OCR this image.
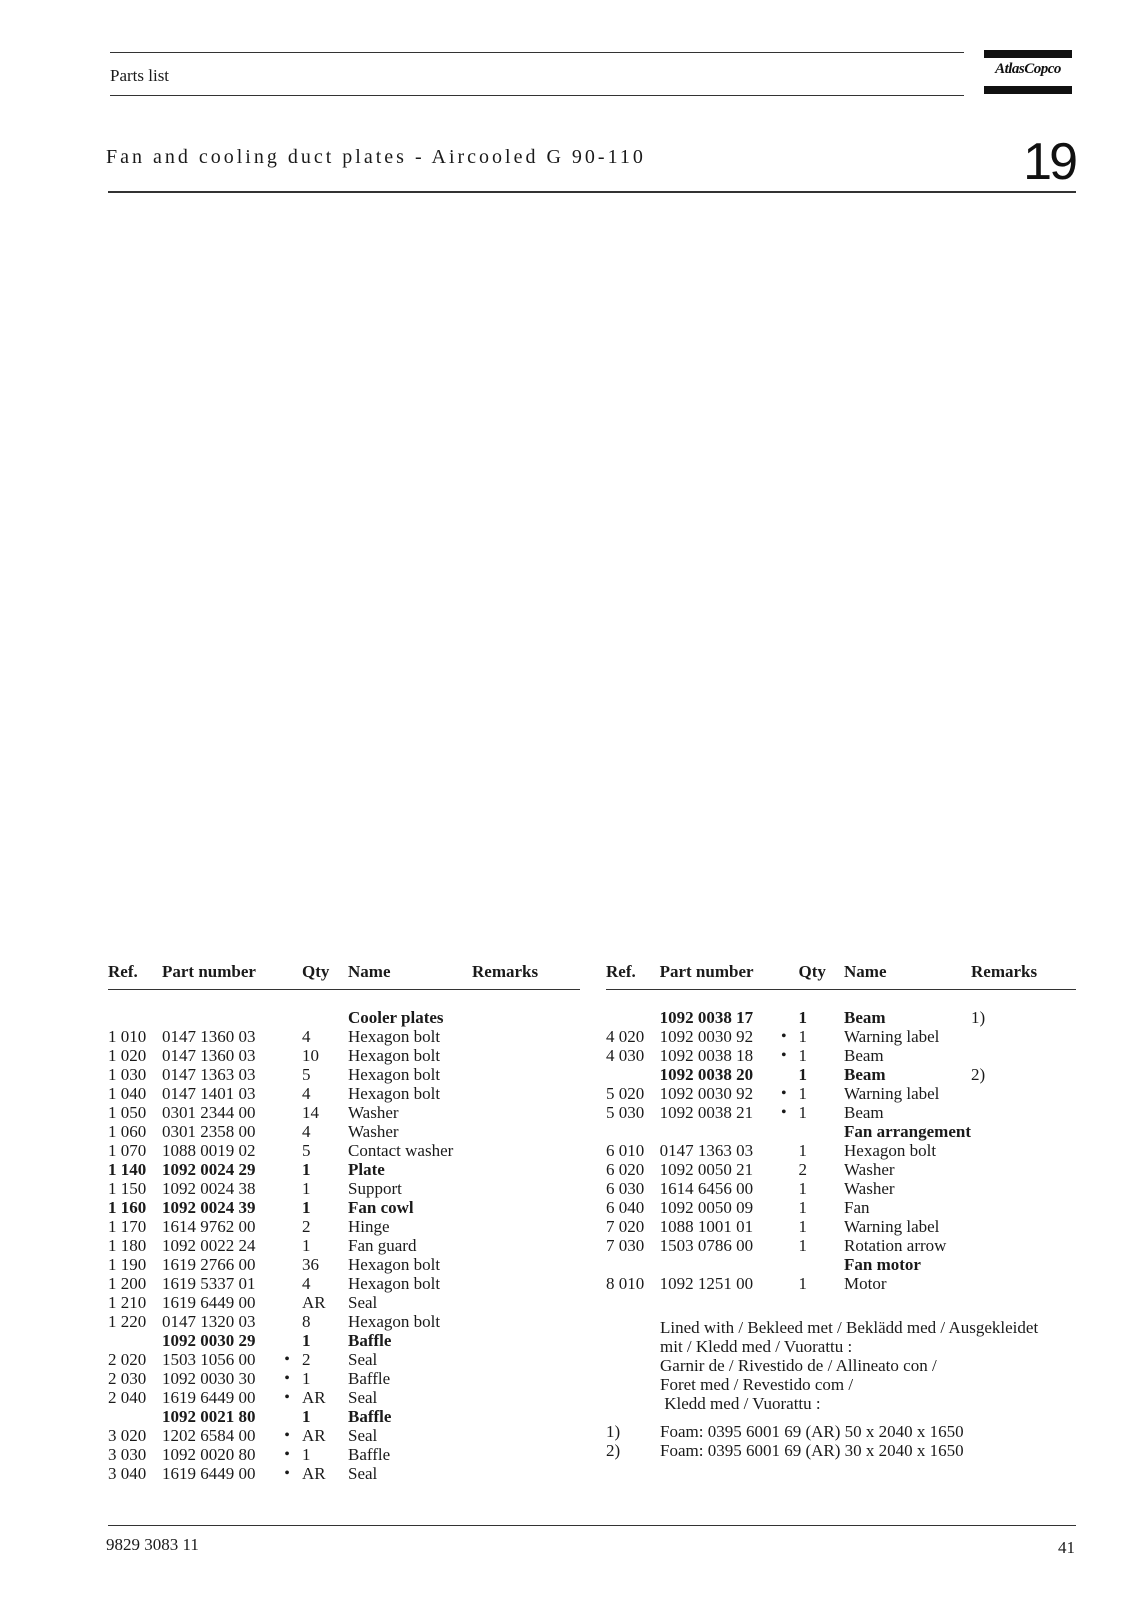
Parts list	AtlasCopco
Fan and cooling duct plates - Aircooled G 90-110	19
Ref.	Part number		Qty	Name	Remarks
				Cooler plates	
1 010	0147 1360 03		4	Hexagon bolt	
1 020	0147 1360 03		10	Hexagon bolt	
1 030	0147 1363 03		5	Hexagon bolt	
1 040	0147 1401 03		4	Hexagon bolt	
1 050	0301 2344 00		14	Washer	
1 060	0301 2358 00		4	Washer	
1 070	1088 0019 02		5	Contact washer	
1 140	1092 0024 29		1	Plate	
1 150	1092 0024 38		1	Support	
1 160	1092 0024 39		1	Fan cowl	
1 170	1614 9762 00		2	Hinge	
1 180	1092 0022 24		1	Fan guard	
1 190	1619 2766 00		36	Hexagon bolt	
1 200	1619 5337 01		4	Hexagon bolt	
1 210	1619 6449 00		AR	Seal	
1 220	0147 1320 03		8	Hexagon bolt	
	1092 0030 29		1	Baffle	
2 020	1503 1056 00	•	2	Seal	
2 030	1092 0030 30	•	1	Baffle	
2 040	1619 6449 00	•	AR	Seal	
	1092 0021 80		1	Baffle	
3 020	1202 6584 00	•	AR	Seal	
3 030	1092 0020 80	•	1	Baffle	
3 040	1619 6449 00	•	AR	Seal	
Ref.	Part number		Qty	Name	Remarks
	1092 0038 17		1	Beam	1)
4 020	1092 0030 92	•	1	Warning label	
4 030	1092 0038 18	•	1	Beam	
	1092 0038 20		1	Beam	2)
5 020	1092 0030 92	•	1	Warning label	
5 030	1092 0038 21	•	1	Beam	
				Fan arrangement	
6 010	0147 1363 03		1	Hexagon bolt	
6 020	1092 0050 21		2	Washer	
6 030	1614 6456 00		1	Washer	
6 040	1092 0050 09		1	Fan	
7 020	1088 1001 01		1	Warning label	
7 030	1503 0786 00		1	Rotation arrow	
				Fan motor	
8 010	1092 1251 00		1	Motor	
Lined with / Bekleed met / Beklädd med / Ausgekleidet
mit / Kledd med / Vuorattu :
Garnir de / Rivestido de / Allineato con /
Foret med / Revestido com /
Kledd med / Vuorattu :
1) Foam: 0395 6001 69 (AR) 50 x 2040 x 1650
2) Foam: 0395 6001 69 (AR) 30 x 2040 x 1650
9829 3083 11	41
